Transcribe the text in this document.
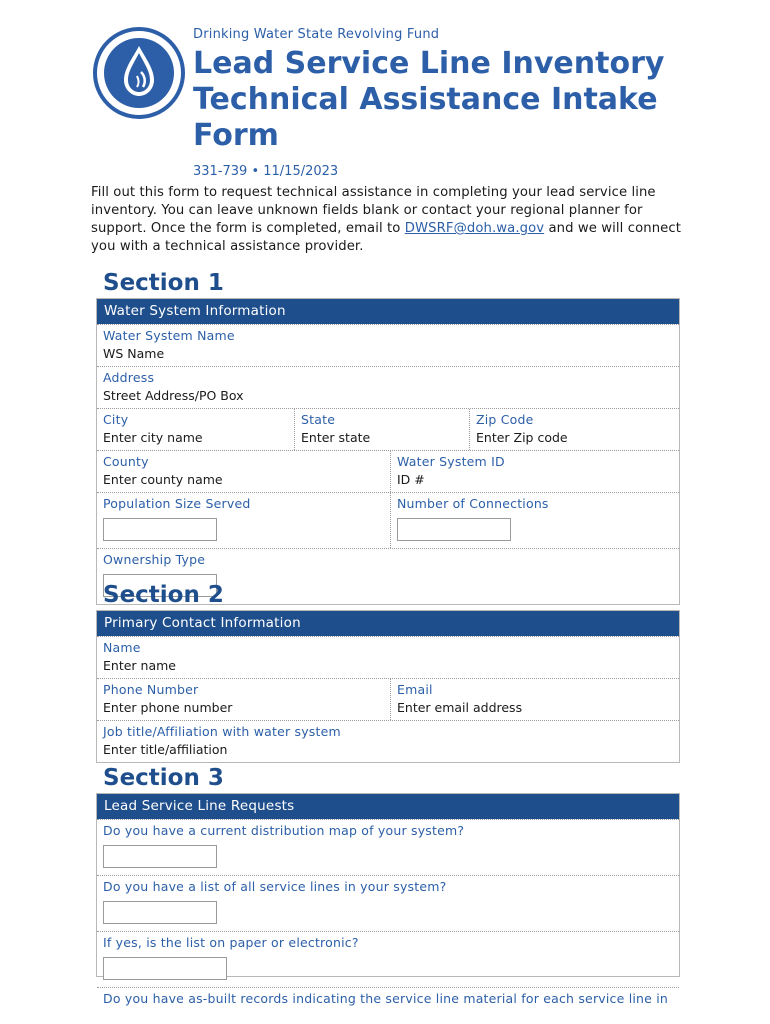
Drinking Water State Revolving Fund
Lead Service Line Inventory Technical Assistance Intake Form
331-739 • 11/15/2023
Fill out this form to request technical assistance in completing your lead service line inventory. You can leave unknown fields blank or contact your regional planner for support. Once the form is completed, email to DWSRF@doh.wa.gov and we will connect you with a technical assistance provider.
Section 1
Water System Information
Water System Name
WS Name
Address
Street Address/PO Box
City
Enter city name
State
Enter state
Zip Code
Enter Zip code
County
Enter county name
Water System ID
ID #
Population Size Served	Number of Connections
Ownership Type
Section 2
Primary Contact Information
Name
Enter name
Phone Number
Enter phone number
Email
Enter email address
Job title/Affiliation with water system
Enter title/affiliation
Section 3
Lead Service Line Requests
Do you have a current distribution map of your system?
Do you have a list of all service lines in your system?
If yes, is the list on paper or electronic?
Do you have as-built records indicating the service line material for each service line in
